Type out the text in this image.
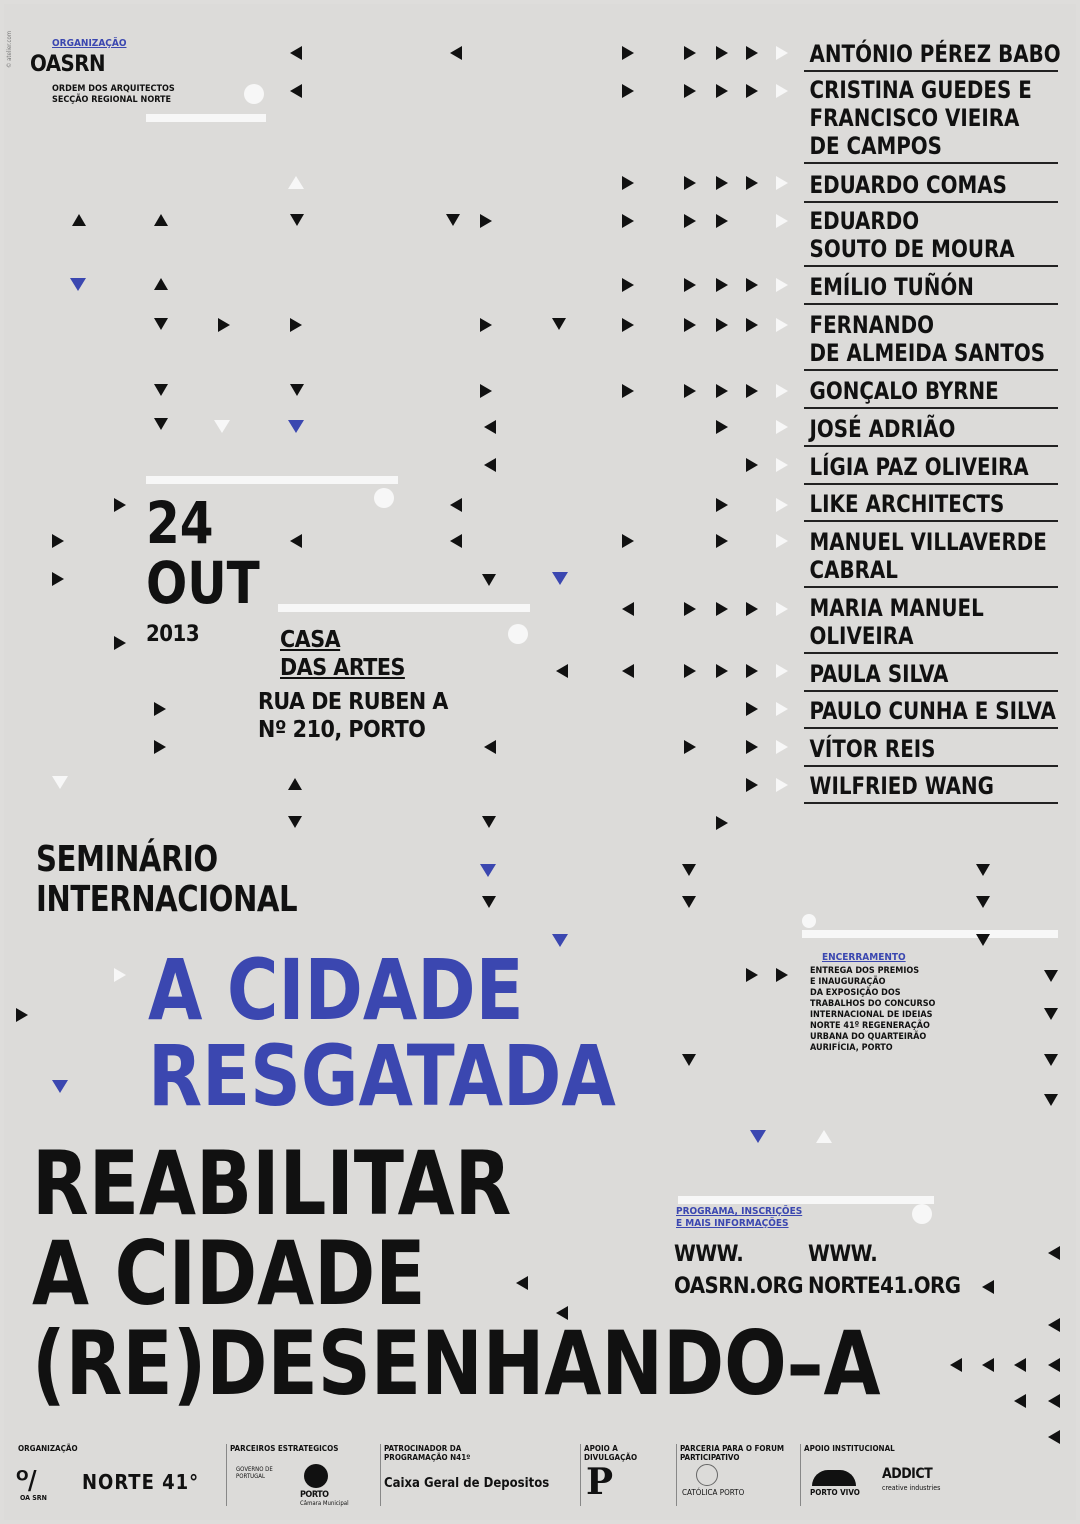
© atelier.com	ORGANIZAÇÃO
OASRN
ORDEM DOS ARQUITECTOS
SECÇÃO REGIONAL NORTE
ANTÓNIO PÉREZ BABO
CRISTINA GUEDES E
FRANCISCO VIEIRA
DE CAMPOS
EDUARDO COMAS
EDUARDO
SOUTO DE MOURA
EMÍLIO TUÑÓN
FERNANDO
DE ALMEIDA SANTOS
GONÇALO BYRNE
JOSÉ ADRIÃO
LÍGIA PAZ OLIVEIRA
LIKE ARCHITECTS
MANUEL VILLAVERDE
CABRAL
MARIA MANUEL
OLIVEIRA
PAULA SILVA
PAULO CUNHA E SILVA
VÍTOR REIS
WILFRIED WANG
24
OUT
2013	CASA
DAS ARTES
RUA DE RUBEN A
Nº 210, PORTO
SEMINÁRIO
INTERNACIONAL
A CIDADE
RESGATADA
REABILITAR
A CIDADE
(RE)DESENHANDO–A
ENCERRAMENTO
ENTREGA DOS PREMIOS
E INAUGURAÇÃO
DA EXPOSIÇÃO DOS
TRABALHOS DO CONCURSO
INTERNACIONAL DE IDEIAS
NORTE 41º REGENERAÇÃO
URBANA DO QUARTEIRÃO
AURIFÍCIA, PORTO
PROGRAMA, INSCRIÇÕES
E MAIS INFORMAÇÕES
WWW.
OASRN.ORG
WWW.
NORTE41.ORG
ORGANIZAÇÃO	PARCEIROS ESTRATEGICOS	PATROCINADOR DA PROGRAMAÇÃO N41º
APOIO A DIVULGAÇÃO
PARCERIA PARA O FORUM PARTICIPATIVO
APOIO INSTITUCIONAL
ᴼ/
OA SRN
NORTE 41°
GOVERNO DE PORTUGAL
PORTO
Câmara Municipal
Caixa Geral de Depositos P	CATÓLICA PORTO	PORTO VIVO
ADDICT
creative industries
